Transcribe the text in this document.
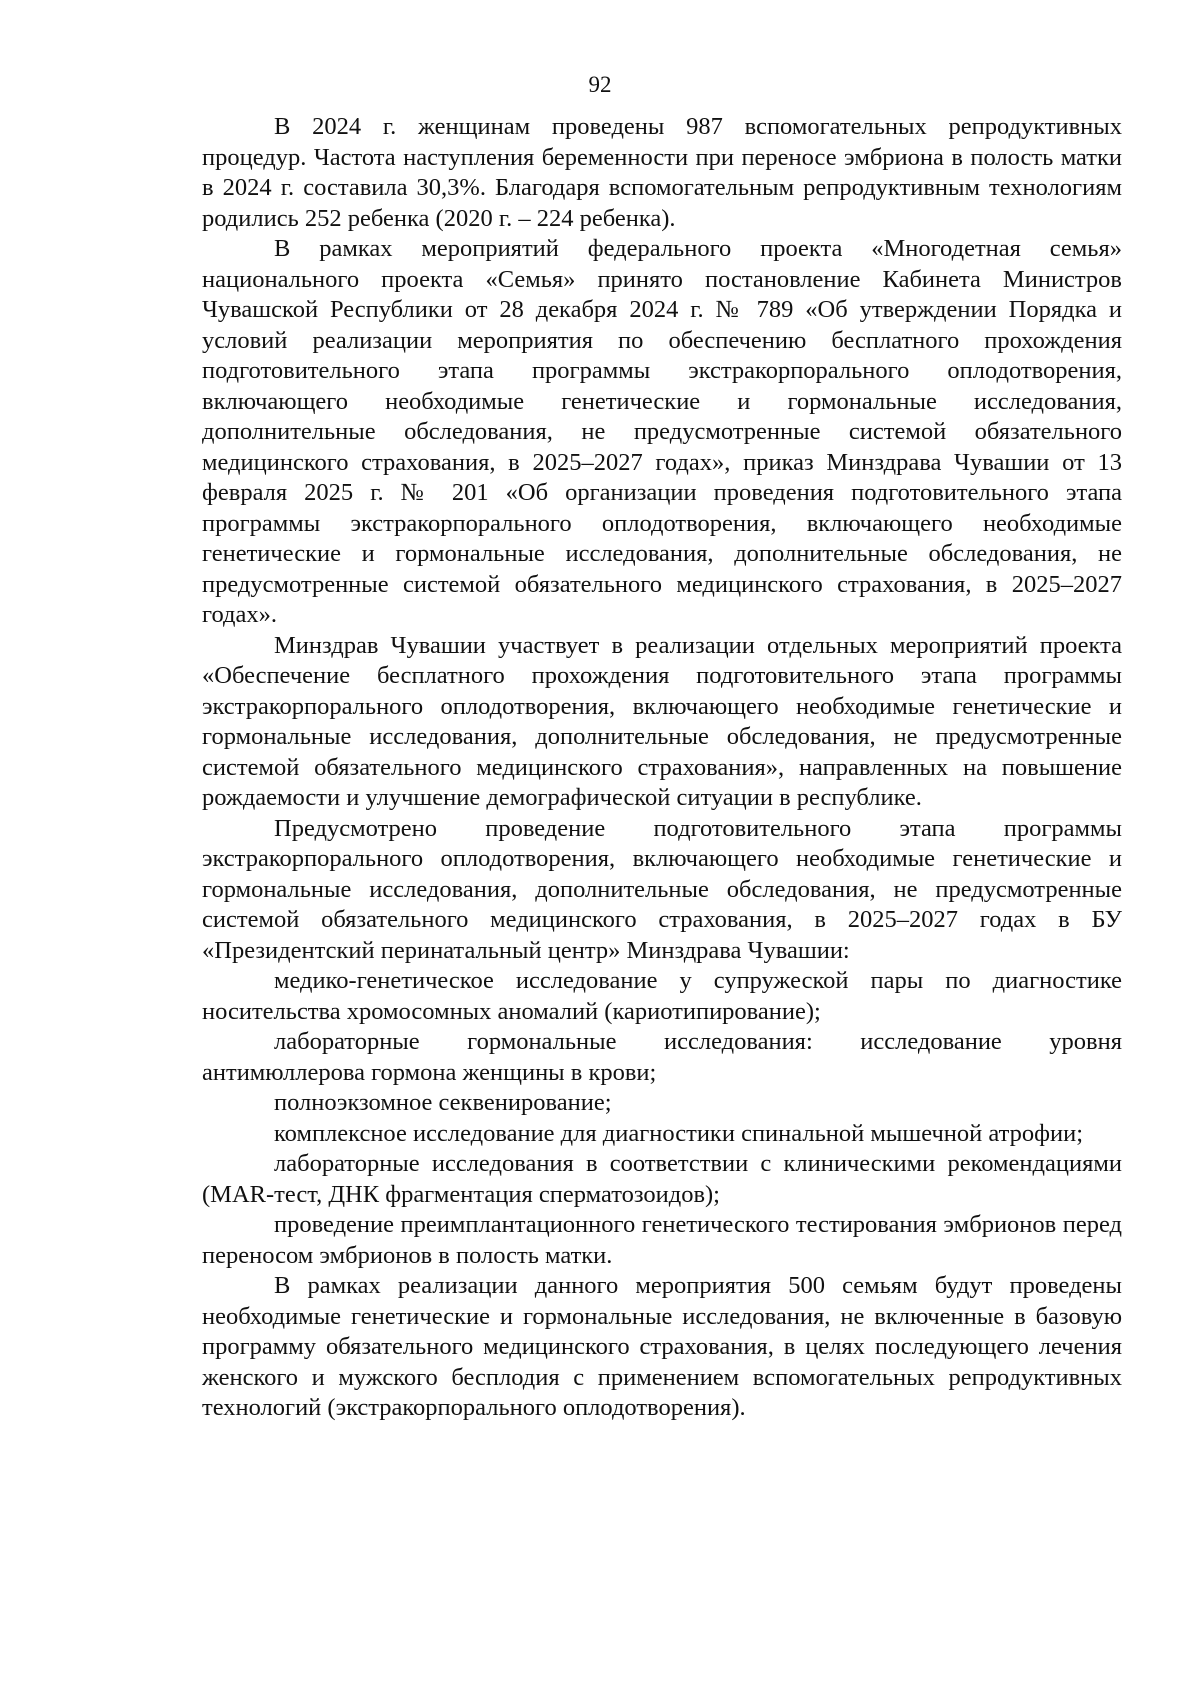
92

В 2024 г. женщинам проведены 987 вспомогательных репродуктивных процедур. Частота наступления беременности при переносе эмбриона в полость матки в 2024 г. составила 30,3%. Благодаря вспомогательным репродуктивным технологиям родились 252 ребенка (2020 г. – 224 ребенка).

В рамках мероприятий федерального проекта «Многодетная семья» национального проекта «Семья» принято постановление Кабинета Министров Чувашской Республики от 28 декабря 2024 г. № 789 «Об утверждении Порядка и условий реализации мероприятия по обеспечению бесплатного прохождения подготовительного этапа программы экстракорпорального оплодотворения, включающего необходимые генетические и гормональные исследования, дополнительные обследования, не предусмотренные системой обязательного медицинского страхования, в 2025–2027 годах», приказ Минздрава Чувашии от 13 февраля 2025 г. № 201 «Об организации проведения подготовительного этапа программы экстракорпорального оплодотворения, включающего необходимые генетические и гормональные исследования, дополнительные обследования, не предусмотренные системой обязательного медицинского страхования, в 2025–2027 годах».

Минздрав Чувашии участвует в реализации отдельных мероприятий проекта «Обеспечение бесплатного прохождения подготовительного этапа программы экстракорпорального оплодотворения, включающего необходимые генетические и гормональные исследования, дополнительные обследования, не предусмотренные системой обязательного медицинского страхования», направленных на повышение рождаемости и улучшение демографической ситуации в республике.

Предусмотрено проведение подготовительного этапа программы экстракорпорального оплодотворения, включающего необходимые генетические и гормональные исследования, дополнительные обследования, не предусмотренные системой обязательного медицинского страхования, в 2025–2027 годах в БУ «Президентский перинатальный центр» Минздрава Чувашии:

медико-генетическое исследование у супружеской пары по диагностике носительства хромосомных аномалий (кариотипирование);

лабораторные гормональные исследования: исследование уровня антимюллерова гормона женщины в крови;

полноэкзомное секвенирование;

комплексное исследование для диагностики спинальной мышечной атрофии;

лабораторные исследования в соответствии с клиническими рекомендациями (MAR-тест, ДНК фрагментация сперматозоидов);

проведение преимплантационного генетического тестирования эмбрионов перед переносом эмбрионов в полость матки.

В рамках реализации данного мероприятия 500 семьям будут проведены необходимые генетические и гормональные исследования, не включенные в базовую программу обязательного медицинского страхования, в целях последующего лечения женского и мужского бесплодия с применением вспомогательных репродуктивных технологий (экстракорпорального оплодотворения).
